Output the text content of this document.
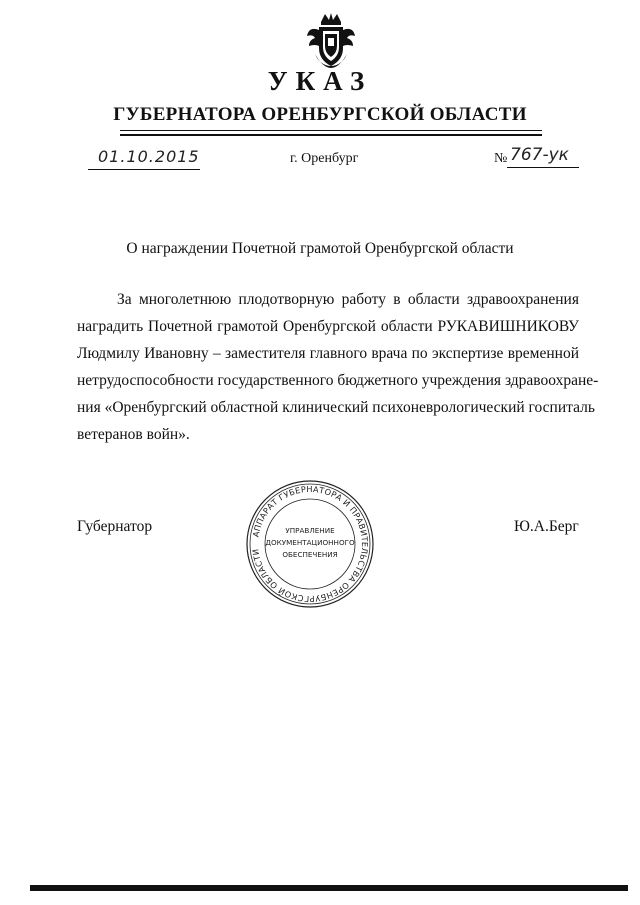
УКАЗ
ГУБЕРНАТОРА ОРЕНБУРГСКОЙ ОБЛАСТИ
01.10.2015	г. Оренбург	№ 767-ук
О награждении Почетной грамотой Оренбургской области
За многолетнюю плодотворную работу в области здравоохранения
наградить Почетной грамотой Оренбургской области РУКАВИШНИКОВУ
Людмилу Ивановну – заместителя главного врача по экспертизе временной
нетрудоспособности государственного бюджетного учреждения здравоохране-
ния «Оренбургский областной клинический психоневрологический госпиталь
ветеранов войн».
Губернатор	Ю.А.Берг
АППАРАТ ГУБЕРНАТОРА И ПРАВИТЕЛЬСТВА ОРЕНБУРГСКОЙ ОБЛАСТИ
УПРАВЛЕНИЕ
ДОКУМЕНТАЦИОННОГО
ОБЕСПЕЧЕНИЯ
